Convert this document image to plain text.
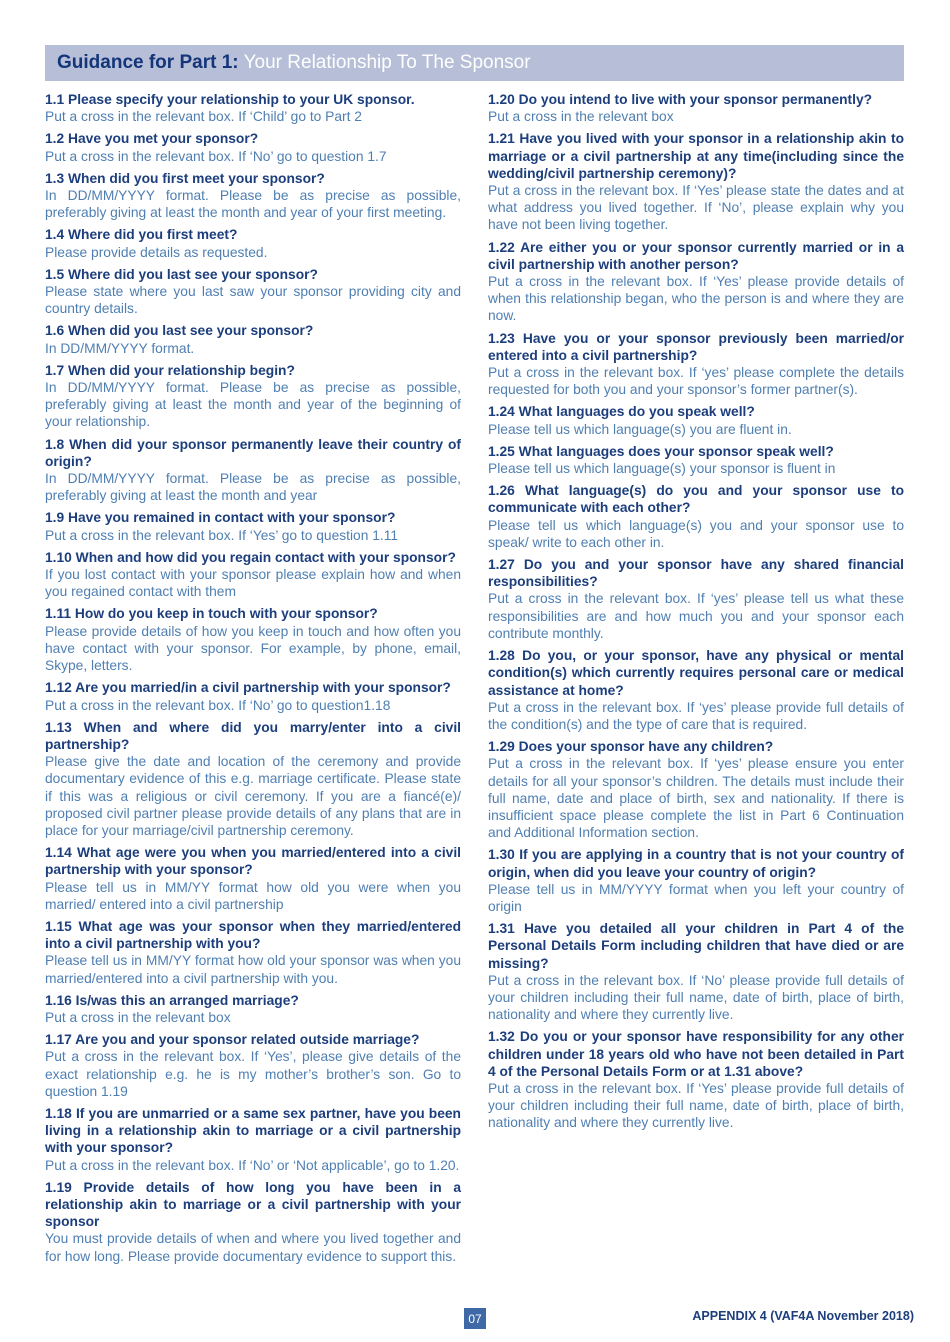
Guidance for Part 1: Your Relationship To The Sponsor

1.1 Please specify your relationship to your UK sponsor.

Put a cross in the relevant box. If ‘Child’ go to Part 2

1.2 Have you met your sponsor?

Put a cross in the relevant box. If ‘No’ go to question 1.7

1.3 When did you first meet your sponsor?

In DD/MM/YYYY format. Please be as precise as possible, preferably giving at least the month and year of your first meeting.

1.4 Where did you first meet?

Please provide details as requested.

1.5 Where did you last see your sponsor?

Please state where you last saw your sponsor providing city and country details.

1.6 When did you last see your sponsor?

In DD/MM/YYYY format.

1.7 When did your relationship begin?

In DD/MM/YYYY format. Please be as precise as possible, preferably giving at least the month and year of the beginning of your relationship.

1.8 When did your sponsor permanently leave their country of origin?

In DD/MM/YYYY format. Please be as precise as possible, preferably giving at least the month and year

1.9 Have you remained in contact with your sponsor?

Put a cross in the relevant box. If ‘Yes’ go to question 1.11

1.10 When and how did you regain contact with your sponsor?

If you lost contact with your sponsor please explain how and when you regained contact with them

1.11 How do you keep in touch with your sponsor?

Please provide details of how you keep in touch and how often you have contact with your sponsor. For example, by phone, email, Skype, letters.

1.12 Are you married/in a civil partnership with your sponsor?

Put a cross in the relevant box. If ‘No’ go to question1.18

1.13 When and where did you marry/enter into a civil partnership?

Please give the date and location of the ceremony and provide documentary evidence of this e.g. marriage certificate. Please state if this was a religious or civil ceremony. If you are a fiancé(e)/ proposed civil partner please provide details of any plans that are in place for your marriage/civil partnership ceremony.

1.14 What age were you when you married/entered into a civil partnership with your sponsor?

Please tell us in MM/YY format how old you were when you married/ entered into a civil partnership

1.15 What age was your sponsor when they married/entered into a civil partnership with you?

Please tell us in MM/YY format how old your sponsor was when you married/entered into a civil partnership with you.

1.16 Is/was this an arranged marriage?

Put a cross in the relevant box

1.17 Are you and your sponsor related outside marriage?

Put a cross in the relevant box. If ‘Yes’, please give details of the exact relationship e.g. he is my mother’s brother’s son. Go to question 1.19

1.18 If you are unmarried or a same sex partner, have you been living in a relationship akin to marriage or a civil partnership with your sponsor?

Put a cross in the relevant box. If ‘No’ or ‘Not applicable’, go to 1.20.

1.19 Provide details of how long you have been in a relationship akin to marriage or a civil partnership with your sponsor

You must provide details of when and where you lived together and for how long. Please provide documentary evidence to support this.

1.20 Do you intend to live with your sponsor permanently?

Put a cross in the relevant box

1.21 Have you lived with your sponsor in a relationship akin to marriage or a civil partnership at any time(including since the wedding/civil partnership ceremony)?

Put a cross in the relevant box. If ‘Yes’ please state the dates and at what address you lived together. If ‘No’, please explain why you have not been living together.

1.22 Are either you or your sponsor currently married or in a civil partnership with another person?

Put a cross in the relevant box. If ‘Yes’ please provide details of when this relationship began, who the person is and where they are now.

1.23 Have you or your sponsor previously been married/or entered into a civil partnership?

Put a cross in the relevant box. If ‘yes’ please complete the details requested for both you and your sponsor’s former partner(s).

1.24 What languages do you speak well?

Please tell us which language(s) you are fluent in.

1.25 What languages does your sponsor speak well?

Please tell us which language(s) your sponsor is fluent in

1.26 What language(s) do you and your sponsor use to communicate with each other?

Please tell us which language(s) you and your sponsor use to speak/ write to each other in.

1.27 Do you and your sponsor have any shared financial responsibilities?

Put a cross in the relevant box. If ‘yes’ please tell us what these responsibilities are and how much you and your sponsor each contribute monthly.

1.28 Do you, or your sponsor, have any physical or mental condition(s) which currently requires personal care or medical assistance at home?

Put a cross in the relevant box. If ‘yes’ please provide full details of the condition(s) and the type of care that is required.

1.29 Does your sponsor have any children?

Put a cross in the relevant box. If ‘yes’ please ensure you enter details for all your sponsor’s children. The details must include their full name, date and place of birth, sex and nationality. If there is insufficient space please complete the list in Part 6 Continuation and Additional Information section.

1.30 If you are applying in a country that is not your country of origin, when did you leave your country of origin?

Please tell us in MM/YYYY format when you left your country of origin

1.31 Have you detailed all your children in Part 4 of the Personal Details Form including children that have died or are missing?

Put a cross in the relevant box. If ‘No’ please provide full details of your children including their full name, date of birth, place of birth, nationality and where they currently live.

1.32 Do you or your sponsor have responsibility for any other children under 18 years old who have not been detailed in Part 4 of the Personal Details Form or at 1.31 above?

Put a cross in the relevant box. If ‘Yes’ please provide full details of your children including their full name, date of birth, place of birth, nationality and where they currently live.

07	APPENDIX 4 (VAF4A November 2018)
